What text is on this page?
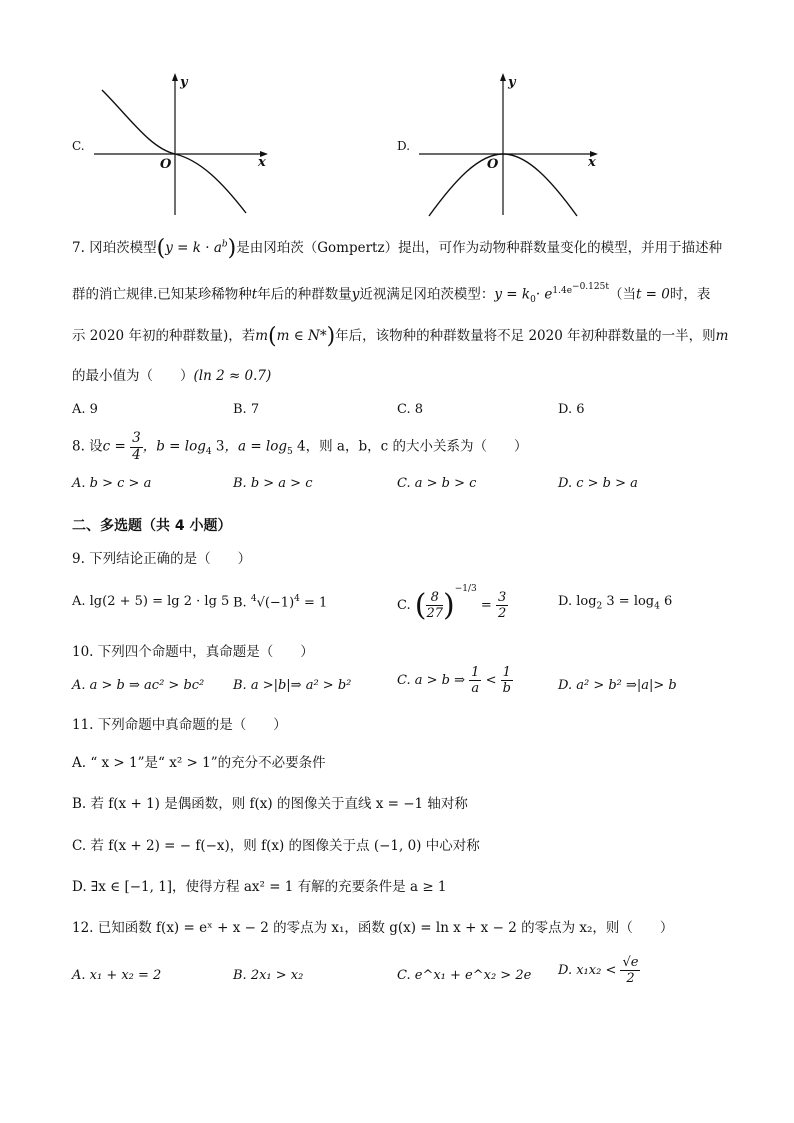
C.
y
x
O
D.
y
x
O
7. 冈珀茨模型$(y = k \cdot a^b)$是由冈珀茨（Gompertz）提出，可作为动物种群数量变化的模型，并用于描述种
群的消亡规律.已知某珍稀物种t年后的种群数量y近视满足冈珀茨模型：$y = k_0\cdot e^{1.4e^{-0.125t}}$（当t = 0时，表
示 2020 年初的种群数量)，若m(m ∈ N*)年后，该物种的种群数量将不足 2020 年初种群数量的一半，则m
的最小值为（　　）(ln 2 ≈ 0.7)
A. 9	B. 7	C. 8	D. 6
8. 设$c = \frac{3}{4}$ ，$b = \log_4 3$，$a = \log_5 4$，则 a，b，c 的大小关系为（　　）
A. b > c > a	B. b > a > c	C. a > b > c	D. c > b > a
二、多选题（共 4 小题）
9. 下列结论正确的是（　　）
A. lg(2 + 5) = lg 2 · lg 5 B. $^4√(-1)^4 = 1$	C. ( $\frac{8}{27} )^{-1/3} = \frac{3}{2}$	D. $\log_2 3 = \log_4 6$
10. 下列四个命题中，真命题是（　　）
A. a > b ⇒ ac² > bc² B. a >|b|⇒ a² > b²	C. a > b ⇒ $\frac{1}{a} < \frac{1}{b}$	D. a² > b² ⇒|a|> b
11. 下列命题中真命题的是（　　）
A. “ x > 1”是“ x² > 1”的充分不必要条件
B. 若 f(x + 1) 是偶函数，则 f(x) 的图像关于直线 x = −1 轴对称
C. 若 f(x + 2) = − f(−x)，则 f(x) 的图像关于点 (−1, 0) 中心对称
D. ∃x ∈ [−1, 1]，使得方程 ax² = 1 有解的充要条件是 a ≥ 1
12. 已知函数 f(x) = eˣ + x − 2 的零点为 x₁，函数 g(x) = ln x + x − 2 的零点为 x₂，则（　　）
A. x₁ + x₂ = 2	B. 2x₁ > x₂	C. e^x₁ + e^x₂ > 2e D. $x_1x_2 < \frac{√e}{2}$
